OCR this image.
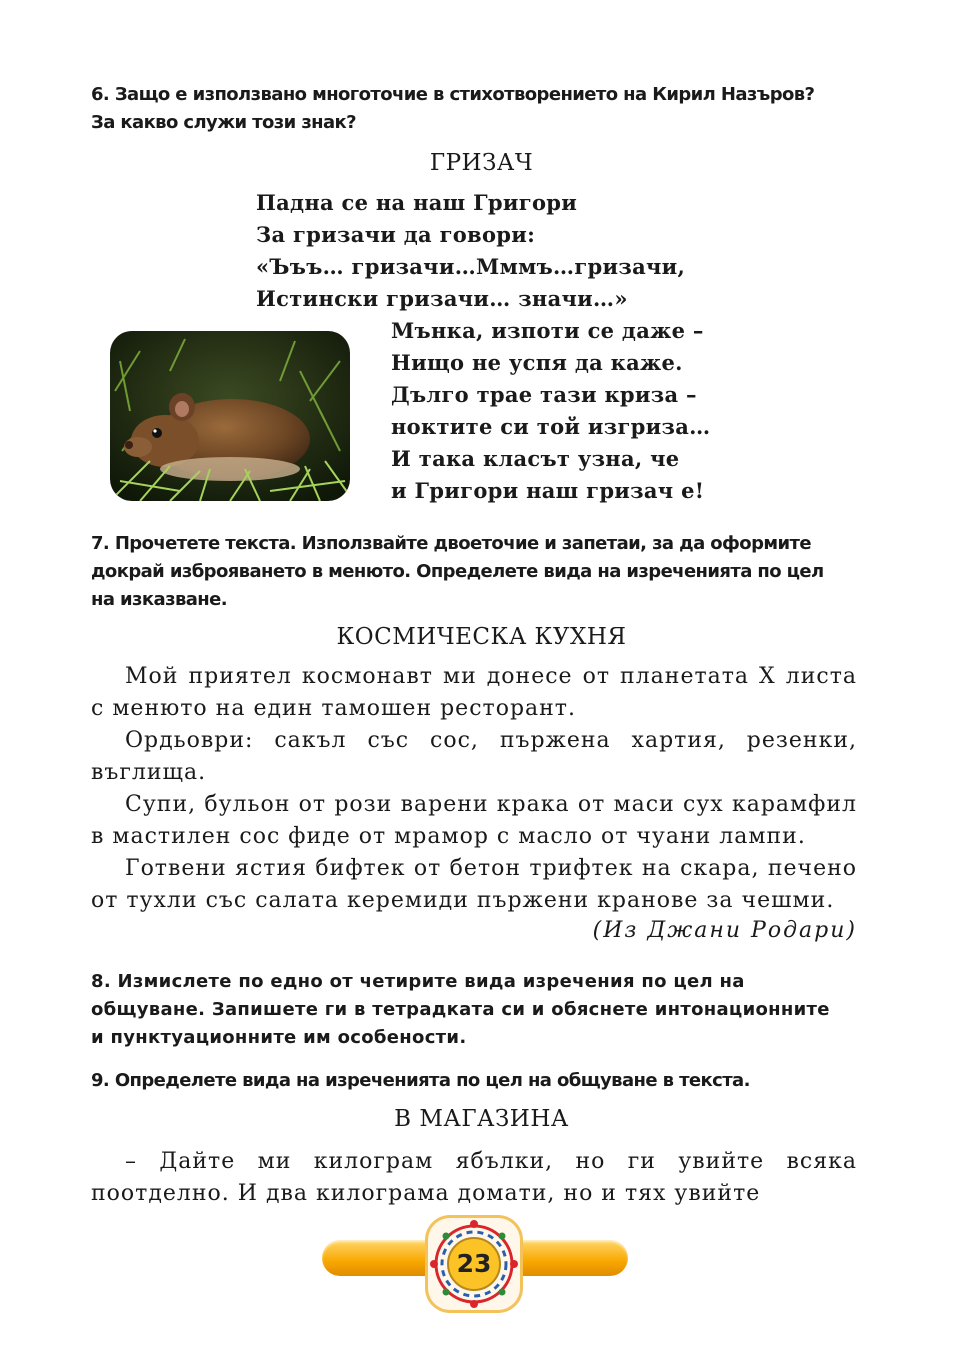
6. Защо е използвано многоточие в стихотворението на Кирил Назъров?
За какво служи този знак?
ГРИЗАЧ
Падна се на наш Григори
За гризачи да говори:
«Ъъъ… гризачи…Мммъ…гризачи,
Истински гризачи… значи…»
Мънка, изпоти се даже –
Нищо не успя да каже.
Дълго трае тази криза –
ноктите си той изгриза…
И така класът узна, че
и Григори наш гризач е!
7. Прочетете текста. Използвайте двоеточие и запетаи, за да оформите
докрай изброяването в менюто. Определете вида на изреченията по цел
на изказване.
КОСМИЧЕСКА КУХНЯ

Мой приятел космонавт ми донесе от планетата Х листа с менюто на един тамошен ресторант.

Ордьоври: сакъл със сос, пържена хартия, резенки, въглища.

Супи, бульон от рози варени крака от маси сух карамфил в мастилен сос фиде от мрамор с масло от чуани лампи.

Готвени ястия бифтек от бетон трифтек на скара, печено от тухли със салата керемиди пържени кранове за чешми.

(Из Джани Родари)
8. Измислете по едно от четирите вида изречения по цел на
общуване. Запишете ги в тетрадката си и обяснете интонационните
и пунктуационните им особености.
9. Определете вида на изреченията по цел на общуване в текста.
В МАГАЗИНА

– Дайте ми килограм ябълки, но ги увийте всяка поотделно. И два килограма домати, но и тях увийте

23
